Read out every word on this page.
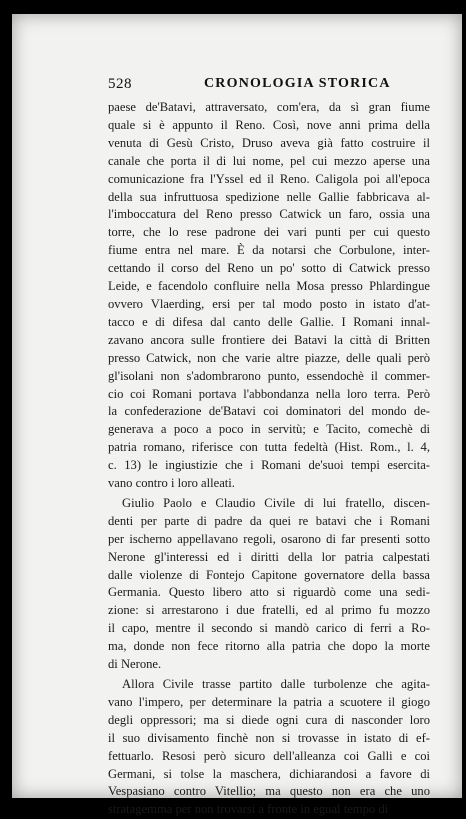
528	CRONOLOGIA STORICA
paese de'Batavi, attraversato, com'era, da sì gran fiume
quale si è appunto il Reno. Così, nove anni prima della
venuta di Gesù Cristo, Druso aveva già fatto costruire il
canale che porta il di lui nome, pel cui mezzo aperse una
comunicazione fra l'Yssel ed il Reno. Caligola poi all'epoca
della sua infruttuosa spedizione nelle Gallie fabbricava al-
l'imboccatura del Reno presso Catwick un faro, ossia una
torre, che lo rese padrone dei vari punti per cui questo
fiume entra nel mare. È da notarsi che Corbulone, inter-
cettando il corso del Reno un po' sotto di Catwick presso
Leide, e facendolo confluire nella Mosa presso Phlardingue
ovvero Vlaerding, ersi per tal modo posto in istato d'at-
tacco e di difesa dal canto delle Gallie. I Romani innal-
zavano ancora sulle frontiere dei Batavi la città di Britten
presso Catwick, non che varie altre piazze, delle quali però
gl'isolani non s'adombrarono punto, essendochè il commer-
cio coi Romani portava l'abbondanza nella loro terra. Però
la confederazione de'Batavi coi dominatori del mondo de-
generava a poco a poco in servitù; e Tacito, comechè di
patria romano, riferisce con tutta fedeltà (Hist. Rom., l. 4,
c. 13) le ingiustizie che i Romani de'suoi tempi esercita-
vano contro i loro alleati.
Giulio Paolo e Claudio Civile di lui fratello, discen-
denti per parte di padre da quei re batavi che i Romani
per ischerno appellavano regoli, osarono di far presenti sotto
Nerone gl'interessi ed i diritti della lor patria calpestati
dalle violenze di Fontejo Capitone governatore della bassa
Germania. Questo libero atto si riguardò come una sedi-
zione: si arrestarono i due fratelli, ed al primo fu mozzo
il capo, mentre il secondo si mandò carico di ferri a Ro-
ma, donde non fece ritorno alla patria che dopo la morte
di Nerone.
Allora Civile trasse partito dalle turbolenze che agita-
vano l'impero, per determinare la patria a scuotere il giogo
degli oppressori; ma si diede ogni cura di nasconder loro
il suo divisamento finchè non si trovasse in istato di ef-
fettuarlo. Resosi però sicuro dell'alleanza coi Galli e coi
Germani, si tolse la maschera, dichiarandosi a favore di
Vespasiano contro Vitellio; ma questo non era che uno
stratagemma per non trovarsi a fronte in egual tempo di
